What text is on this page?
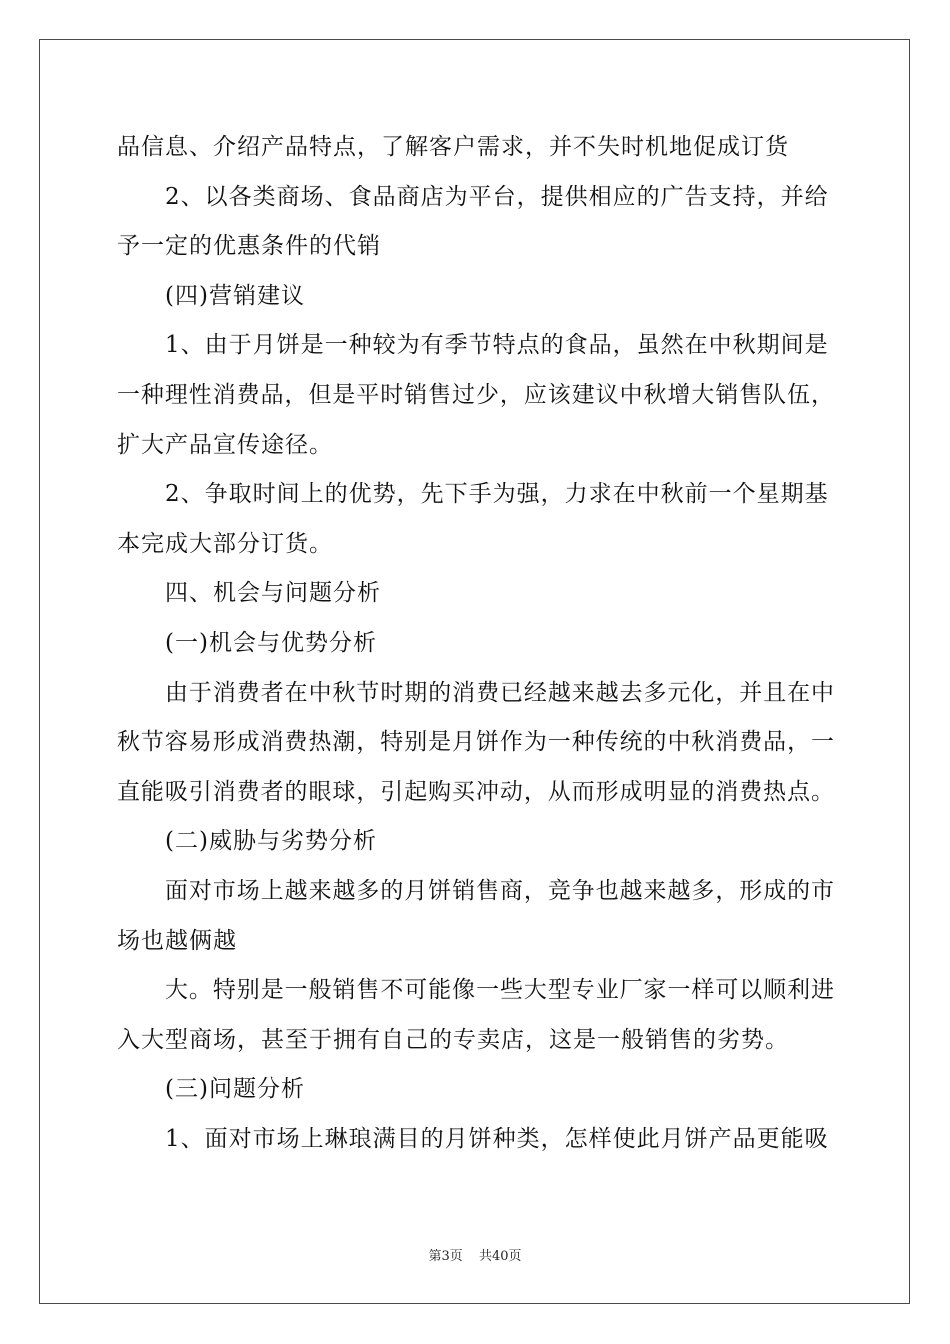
品信息、介绍产品特点，了解客户需求，并不失时机地促成订货
2、以各类商场、食品商店为平台，提供相应的广告支持，并给
予一定的优惠条件的代销
(四)营销建议
1、由于月饼是一种较为有季节特点的食品，虽然在中秋期间是
一种理性消费品，但是平时销售过少，应该建议中秋增大销售队伍，
扩大产品宣传途径。
2、争取时间上的优势，先下手为强，力求在中秋前一个星期基
本完成大部分订货。
四、机会与问题分析
(一)机会与优势分析
由于消费者在中秋节时期的消费已经越来越去多元化，并且在中
秋节容易形成消费热潮，特别是月饼作为一种传统的中秋消费品，一
直能吸引消费者的眼球，引起购买冲动，从而形成明显的消费热点。
(二)威胁与劣势分析
面对市场上越来越多的月饼销售商，竞争也越来越多，形成的市
场也越俩越
大。特别是一般销售不可能像一些大型专业厂家一样可以顺利进
入大型商场，甚至于拥有自己的专卖店，这是一般销售的劣势。
(三)问题分析
1、面对市场上琳琅满目的月饼种类，怎样使此月饼产品更能吸
第3页 共40页
